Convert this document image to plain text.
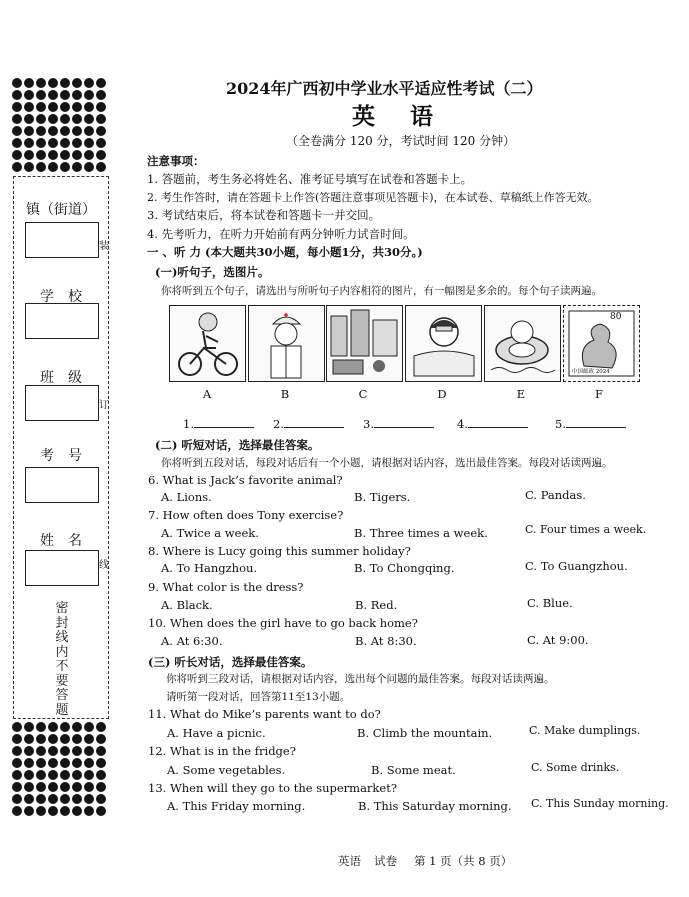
镇（街道）
学　校
班　级
考　号
姓　名
装
订
线
密封线内不要答题
2024年广西初中学业水平适应性考试（二）
英　语
（全卷满分 120 分，考试时间 120 分钟）
注意事项：
1. 答题前，考生务必将姓名、准考证号填写在试卷和答题卡上。
2. 考生作答时，请在答题卡上作答(答题注意事项见答题卡)，在本试卷、草稿纸上作答无效。
3. 考试结束后，将本试卷和答题卡一并交回。
4. 先考听力，在听力开始前有两分钟听力试音时间。
一 、听 力 (本大题共30小题，每小题1分，共30分。)
(一)听句子，选图片。
你将听到五个句子，请选出与所听句子内容相符的图片，有一幅图是多余的。每个句子读两遍。
80
中国邮政 2024
A	B	C	D	E	F
1.	2.	3.	4.	5.
(二) 听短对话，选择最佳答案。
你将听到五段对话，每段对话后有一个小题，请根据对话内容，选出最佳答案。每段对话读两遍。
6. What is Jack’s favorite animal?
A. Lions.	B. Tigers.	C. Pandas.
7. How often does Tony exercise?
A. Twice a week.	B. Three times a week.	C. Four times a week.
8. Where is Lucy going this summer holiday?
A. To Hangzhou.	B. To Chongqing.	C. To Guangzhou.
9. What color is the dress?
A. Black.	B. Red.	C. Blue.
10. When does the girl have to go back home?
A. At 6:30.	B. At 8:30.	C. At 9:00.
(三) 听长对话，选择最佳答案。
你将听到三段对话，请根据对话内容，选出每个问题的最佳答案。每段对话读两遍。
请听第一段对话，回答第11至13小题。
11. What do Mike’s parents want to do?
A. Have a picnic.	B. Climb the mountain.	C. Make dumplings.
12. What is in the fridge?
A. Some vegetables.	B. Some meat.	C. Some drinks.
13. When will they go to the supermarket?
A. This Friday morning.	B. This Saturday morning. C. This Sunday morning.
英语 试卷 第 1 页（共 8 页）
